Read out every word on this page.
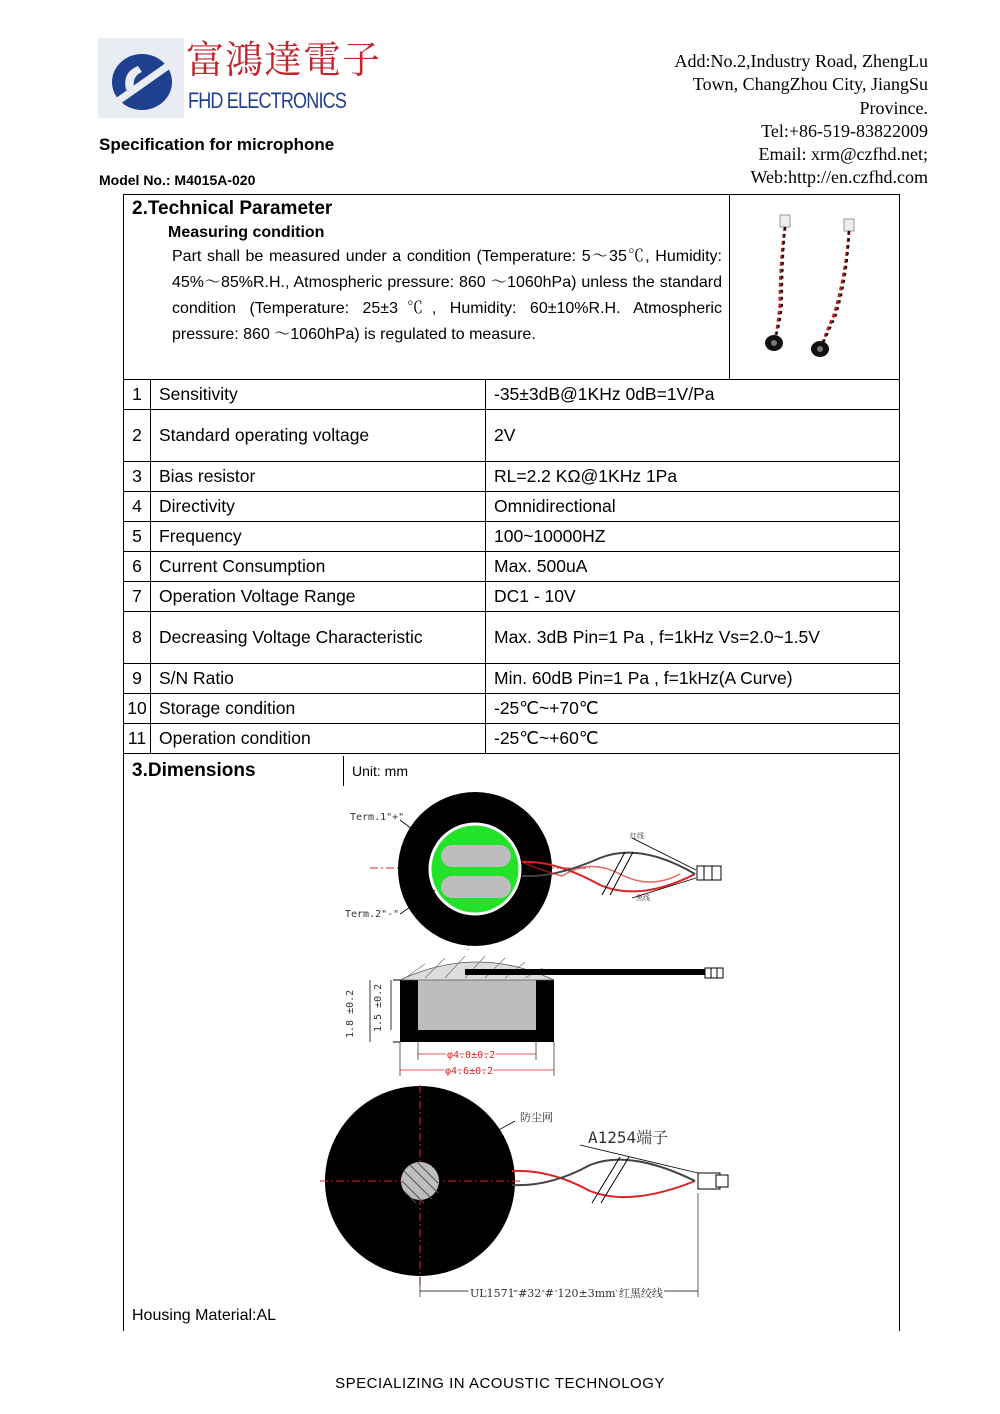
富鴻達電子
FHD ELECTRONICS
Specification for microphone
Model No.: M4015A-020
Add:No.2,Industry Road, ZhengLu
Town, ChangZhou City, JiangSu
Province.
Tel:+86-519-83822009
Email: xrm@czfhd.net;
Web:http://en.czfhd.com
2.Technical Parameter
Measuring condition
Part shall be measured under a condition (Temperature: 5～35℃, Humidity: 45%～85%R.H., Atmospheric pressure: 860 ～1060hPa) unless the standard condition (Temperature: 25±3℃, Humidity: 60±10%R.H. Atmospheric pressure: 860 ～1060hPa) is regulated to measure.
1	Sensitivity	-35±3dB@1KHz 0dB=1V/Pa
2	Standard operating voltage	2V
3	Bias resistor	RL=2.2 KΩ@1KHz 1Pa
4	Directivity	Omnidirectional
5	Frequency	100~10000HZ
6	Current Consumption	Max. 500uA
7	Operation Voltage Range	DC1 - 10V
8	Decreasing Voltage Characteristic	Max. 3dB Pin=1 Pa , f=1kHz Vs=2.0~1.5V
9	S/N Ratio	Min. 60dB Pin=1 Pa , f=1kHz(A Curve)
10	Storage condition	-25℃~+70℃
11	Operation condition	-25℃~+60℃
3.Dimensions	Unit: mm
Term.1"+"
Term.2"-"
红线
黑线
1.8 ±0.2 1.5 ±0.2
φ4.0±0.2
φ4.6±0.2
防尘网
A1254端子
UL1571 #32 # 120±3mm 红黑绞线
Housing Material:AL
SPECIALIZING IN ACOUSTIC TECHNOLOGY
